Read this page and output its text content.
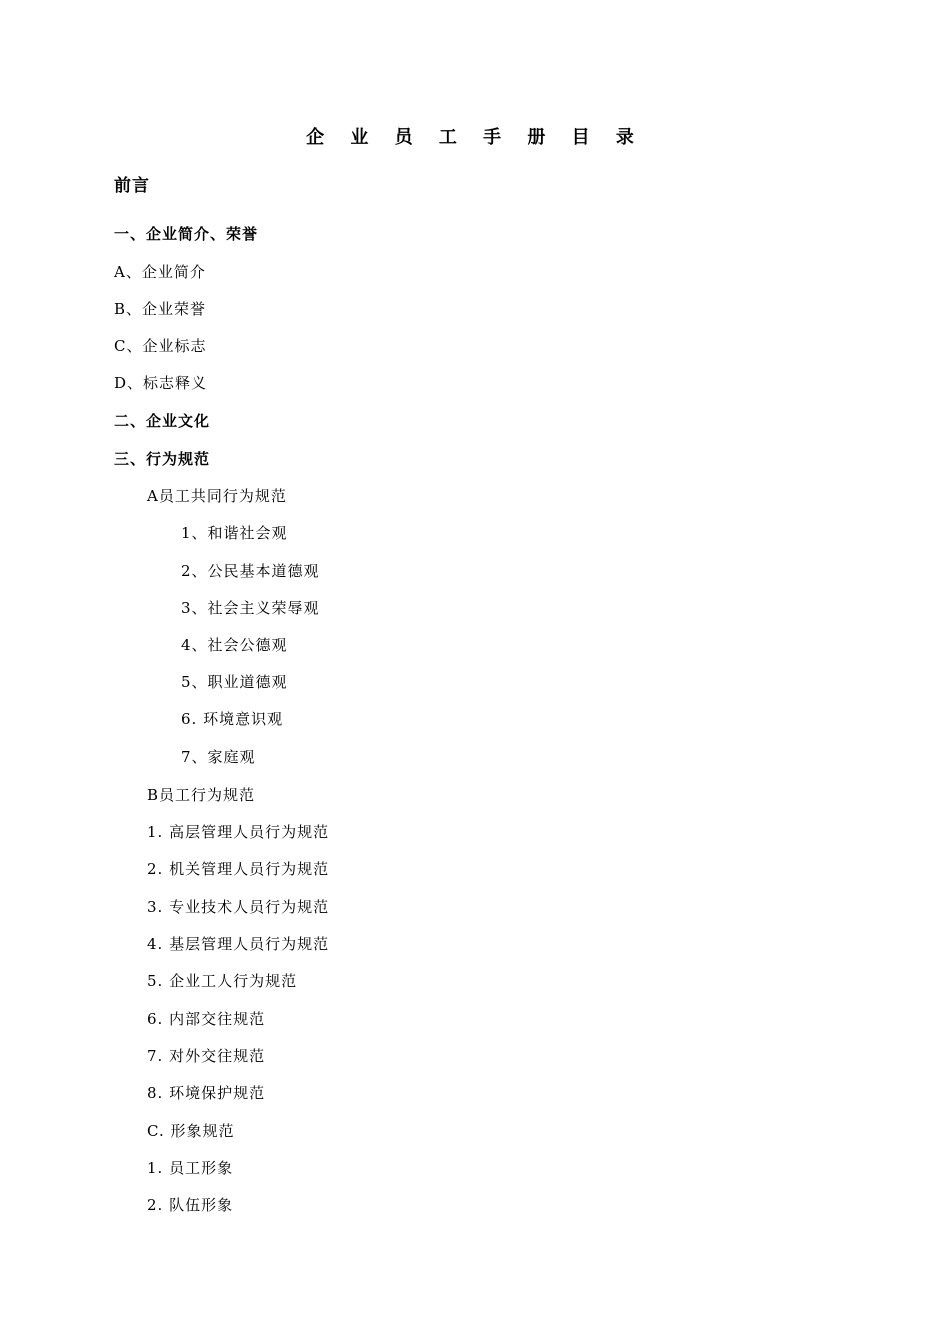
企 业 员 工 手 册 目 录
前言
一、企业简介、荣誉
A、企业简介
B、企业荣誉
C、企业标志
D、标志释义
二、企业文化
三、行为规范
A员工共同行为规范
1、和谐社会观
2、公民基本道德观
3、社会主义荣辱观
4、社会公德观
5、职业道德观
6. 环境意识观
7、家庭观
B员工行为规范
1. 高层管理人员行为规范
2. 机关管理人员行为规范
3. 专业技术人员行为规范
4. 基层管理人员行为规范
5. 企业工人行为规范
6. 内部交往规范
7. 对外交往规范
8. 环境保护规范
C. 形象规范
1. 员工形象
2. 队伍形象
